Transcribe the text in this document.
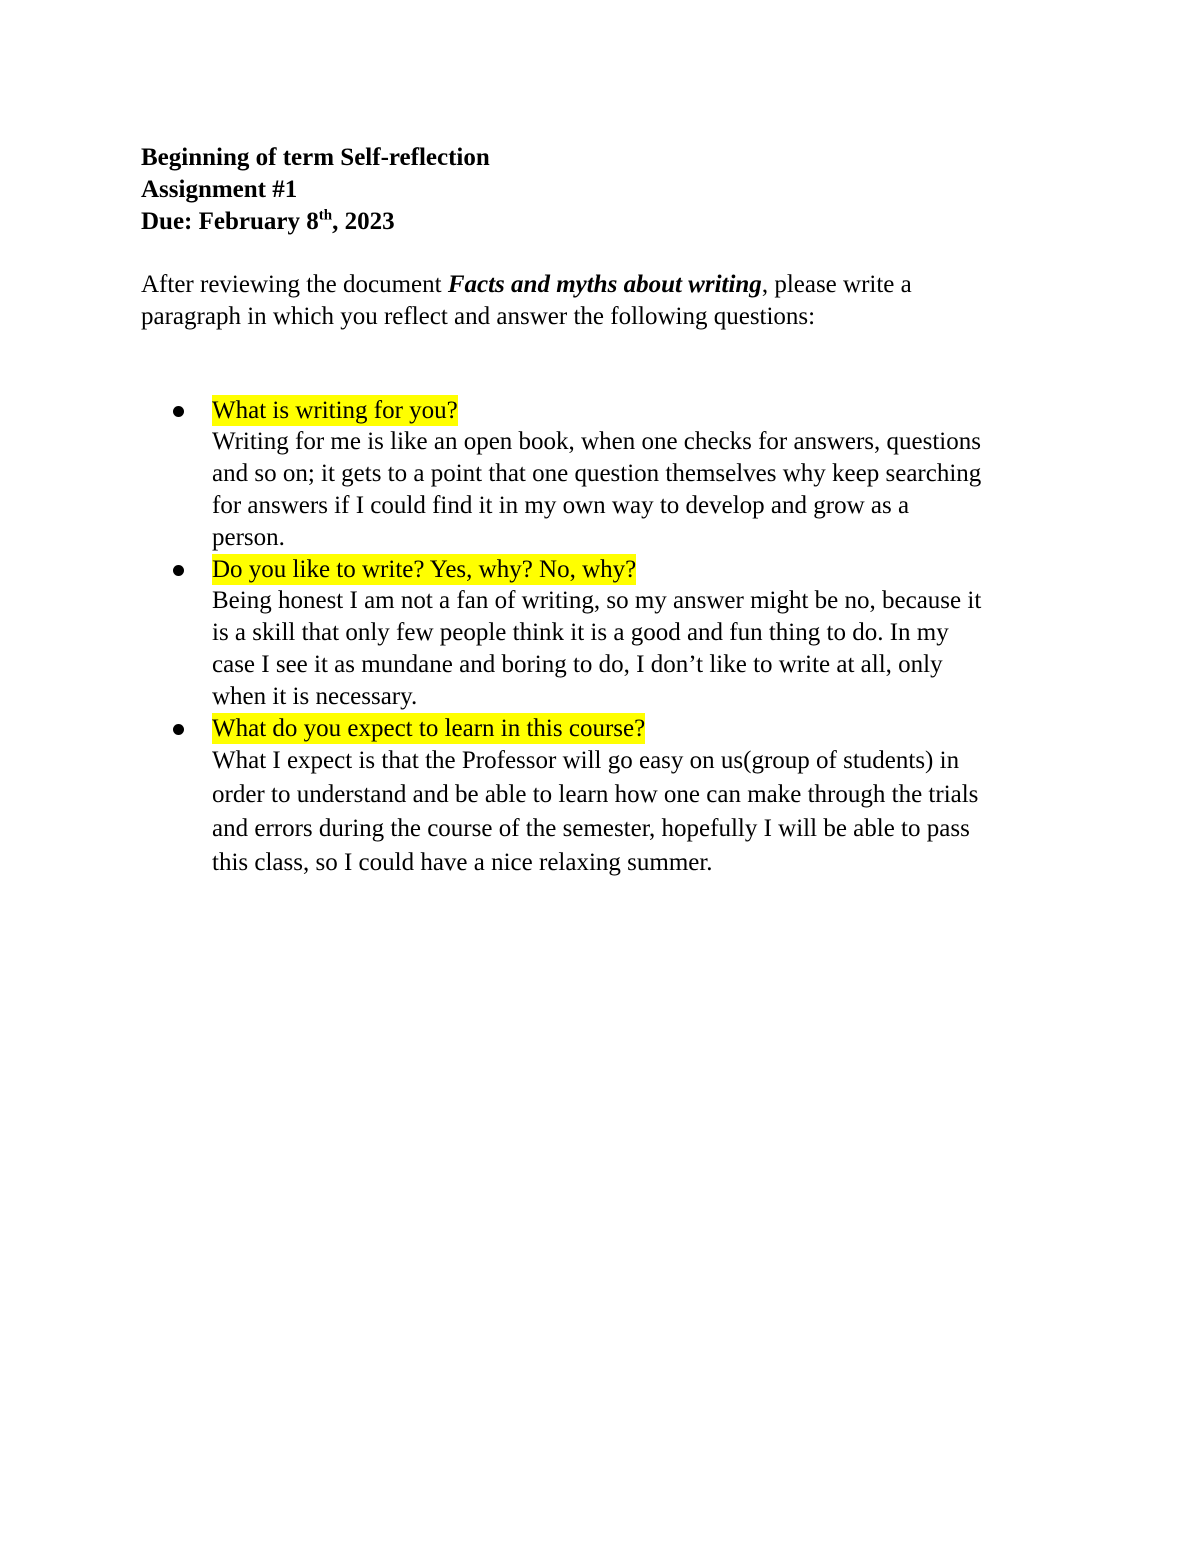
Beginning of term Self-reflection
Assignment #1
Due: February 8th, 2023
After reviewing the document Facts and myths about writing, please write a
paragraph in which you reflect and answer the following questions:
What is writing for you?
Writing for me is like an open book, when one checks for answers, questions
and so on; it gets to a point that one question themselves why keep searching
for answers if I could find it in my own way to develop and grow as a
person.
Do you like to write? Yes, why? No, why?
Being honest I am not a fan of writing, so my answer might be no, because it
is a skill that only few people think it is a good and fun thing to do. In my
case I see it as mundane and boring to do, I don’t like to write at all, only
when it is necessary.
What do you expect to learn in this course?
What I expect is that the Professor will go easy on us(group of students) in
order to understand and be able to learn how one can make through the trials
and errors during the course of the semester, hopefully I will be able to pass
this class, so I could have a nice relaxing summer.
